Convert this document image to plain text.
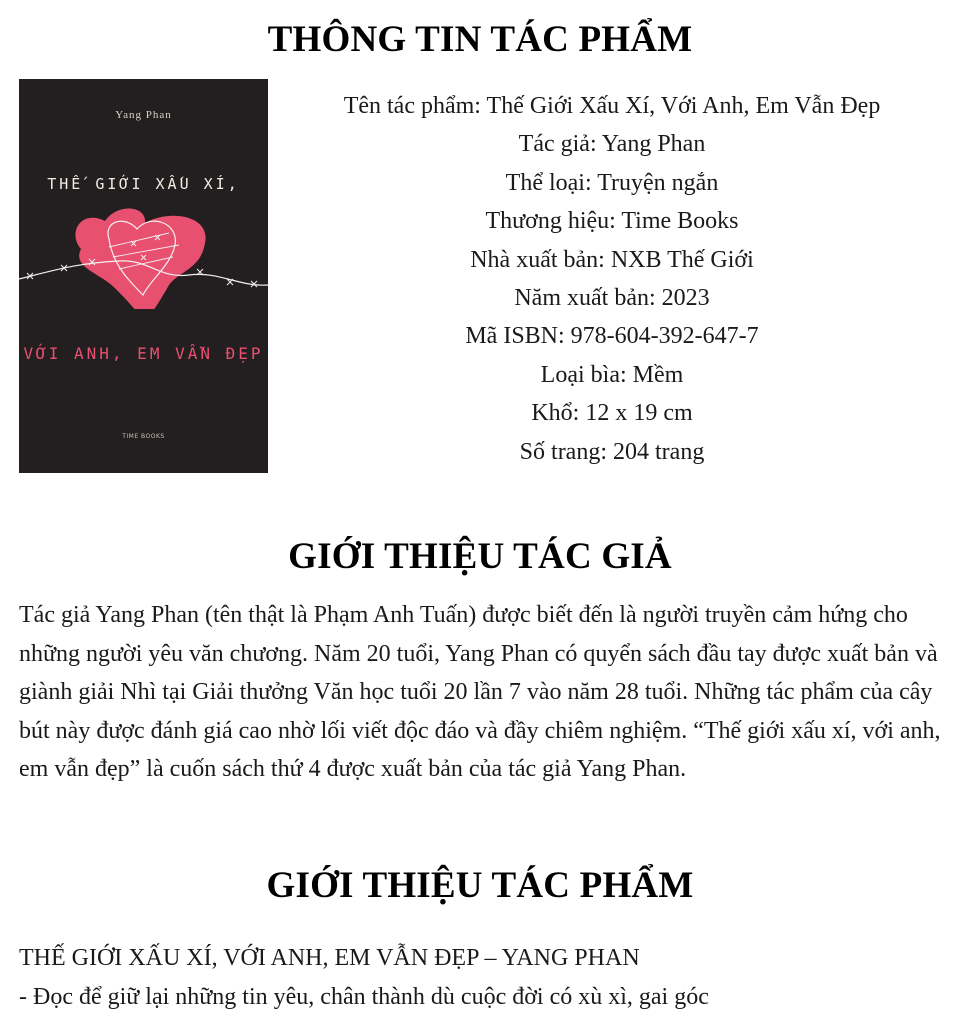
THÔNG TIN TÁC PHẨM
Yang Phan
THẾ GIỚI XẤU XÍ,
VỚI ANH, EM VẪN ĐẸP
TIME BOOKS
Tên tác phẩm: Thế Giới Xấu Xí, Với Anh, Em Vẫn Đẹp
Tác giả: Yang Phan
Thể loại: Truyện ngắn
Thương hiệu: Time Books
Nhà xuất bản: NXB Thế Giới
Năm xuất bản: 2023
Mã ISBN: 978-604-392-647-7
Loại bìa: Mềm
Khổ: 12 x 19 cm
Số trang: 204 trang
GIỚI THIỆU TÁC GIẢ

Tác giả Yang Phan (tên thật là Phạm Anh Tuấn) được biết đến là người truyền cảm hứng cho những người yêu văn chương. Năm 20 tuổi, Yang Phan có quyển sách đầu tay được xuất bản và giành giải Nhì tại Giải thưởng Văn học tuổi 20 lần 7 vào năm 28 tuổi. Những tác phẩm của cây bút này được đánh giá cao nhờ lối viết độc đáo và đầy chiêm nghiệm. “Thế giới xấu xí, với anh, em vẫn đẹp” là cuốn sách thứ 4 được xuất bản của tác giả Yang Phan.

GIỚI THIỆU TÁC PHẨM

THẾ GIỚI XẤU XÍ, VỚI ANH, EM VẪN ĐẸP – YANG PHAN

- Đọc để giữ lại những tin yêu, chân thành dù cuộc đời có xù xì, gai góc
